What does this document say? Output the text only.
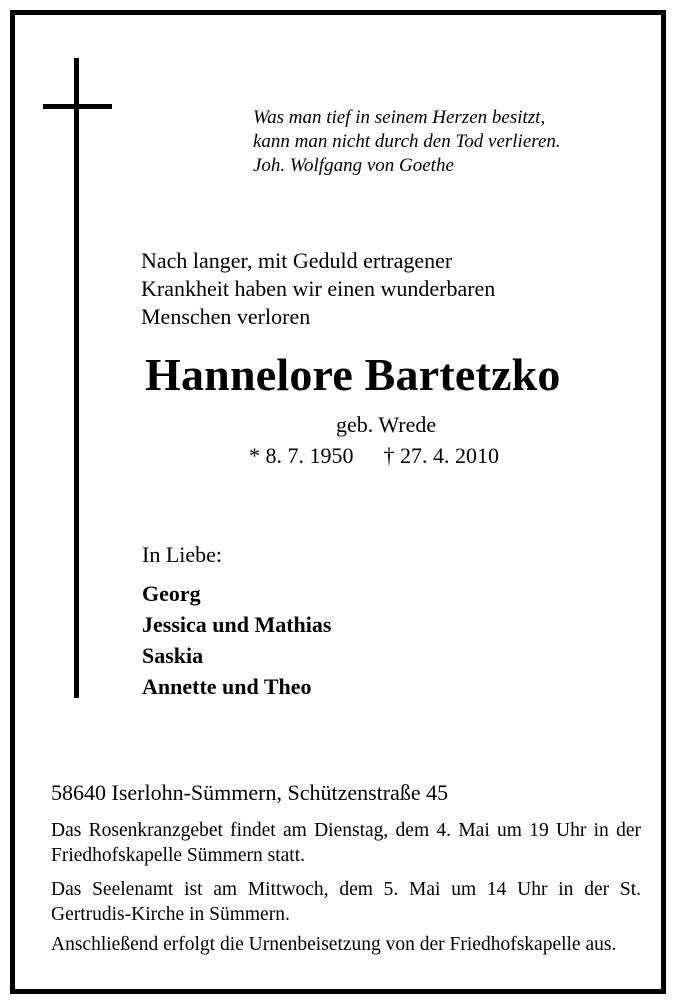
Was man tief in seinem Herzen besitzt,
kann man nicht durch den Tod verlieren.
Joh. Wolfgang von Goethe
Nach langer, mit Geduld ertragener
Krankheit haben wir einen wunderbaren
Menschen verloren
Hannelore Bartetzko
geb. Wrede
* 8. 7. 1950 † 27. 4. 2010
In Liebe:
Georg
Jessica und Mathias
Saskia
Annette und Theo
58640 Iserlohn-Sümmern, Schützenstraße 45
Das Rosenkranzgebet findet am Dienstag, dem 4. Mai um 19 Uhr in der Friedhofskapelle Sümmern statt.
Das Seelenamt ist am Mittwoch, dem 5. Mai um 14 Uhr in der St. Gertrudis-Kirche in Sümmern.
Anschließend erfolgt die Urnenbeisetzung von der Friedhofskapelle aus.
